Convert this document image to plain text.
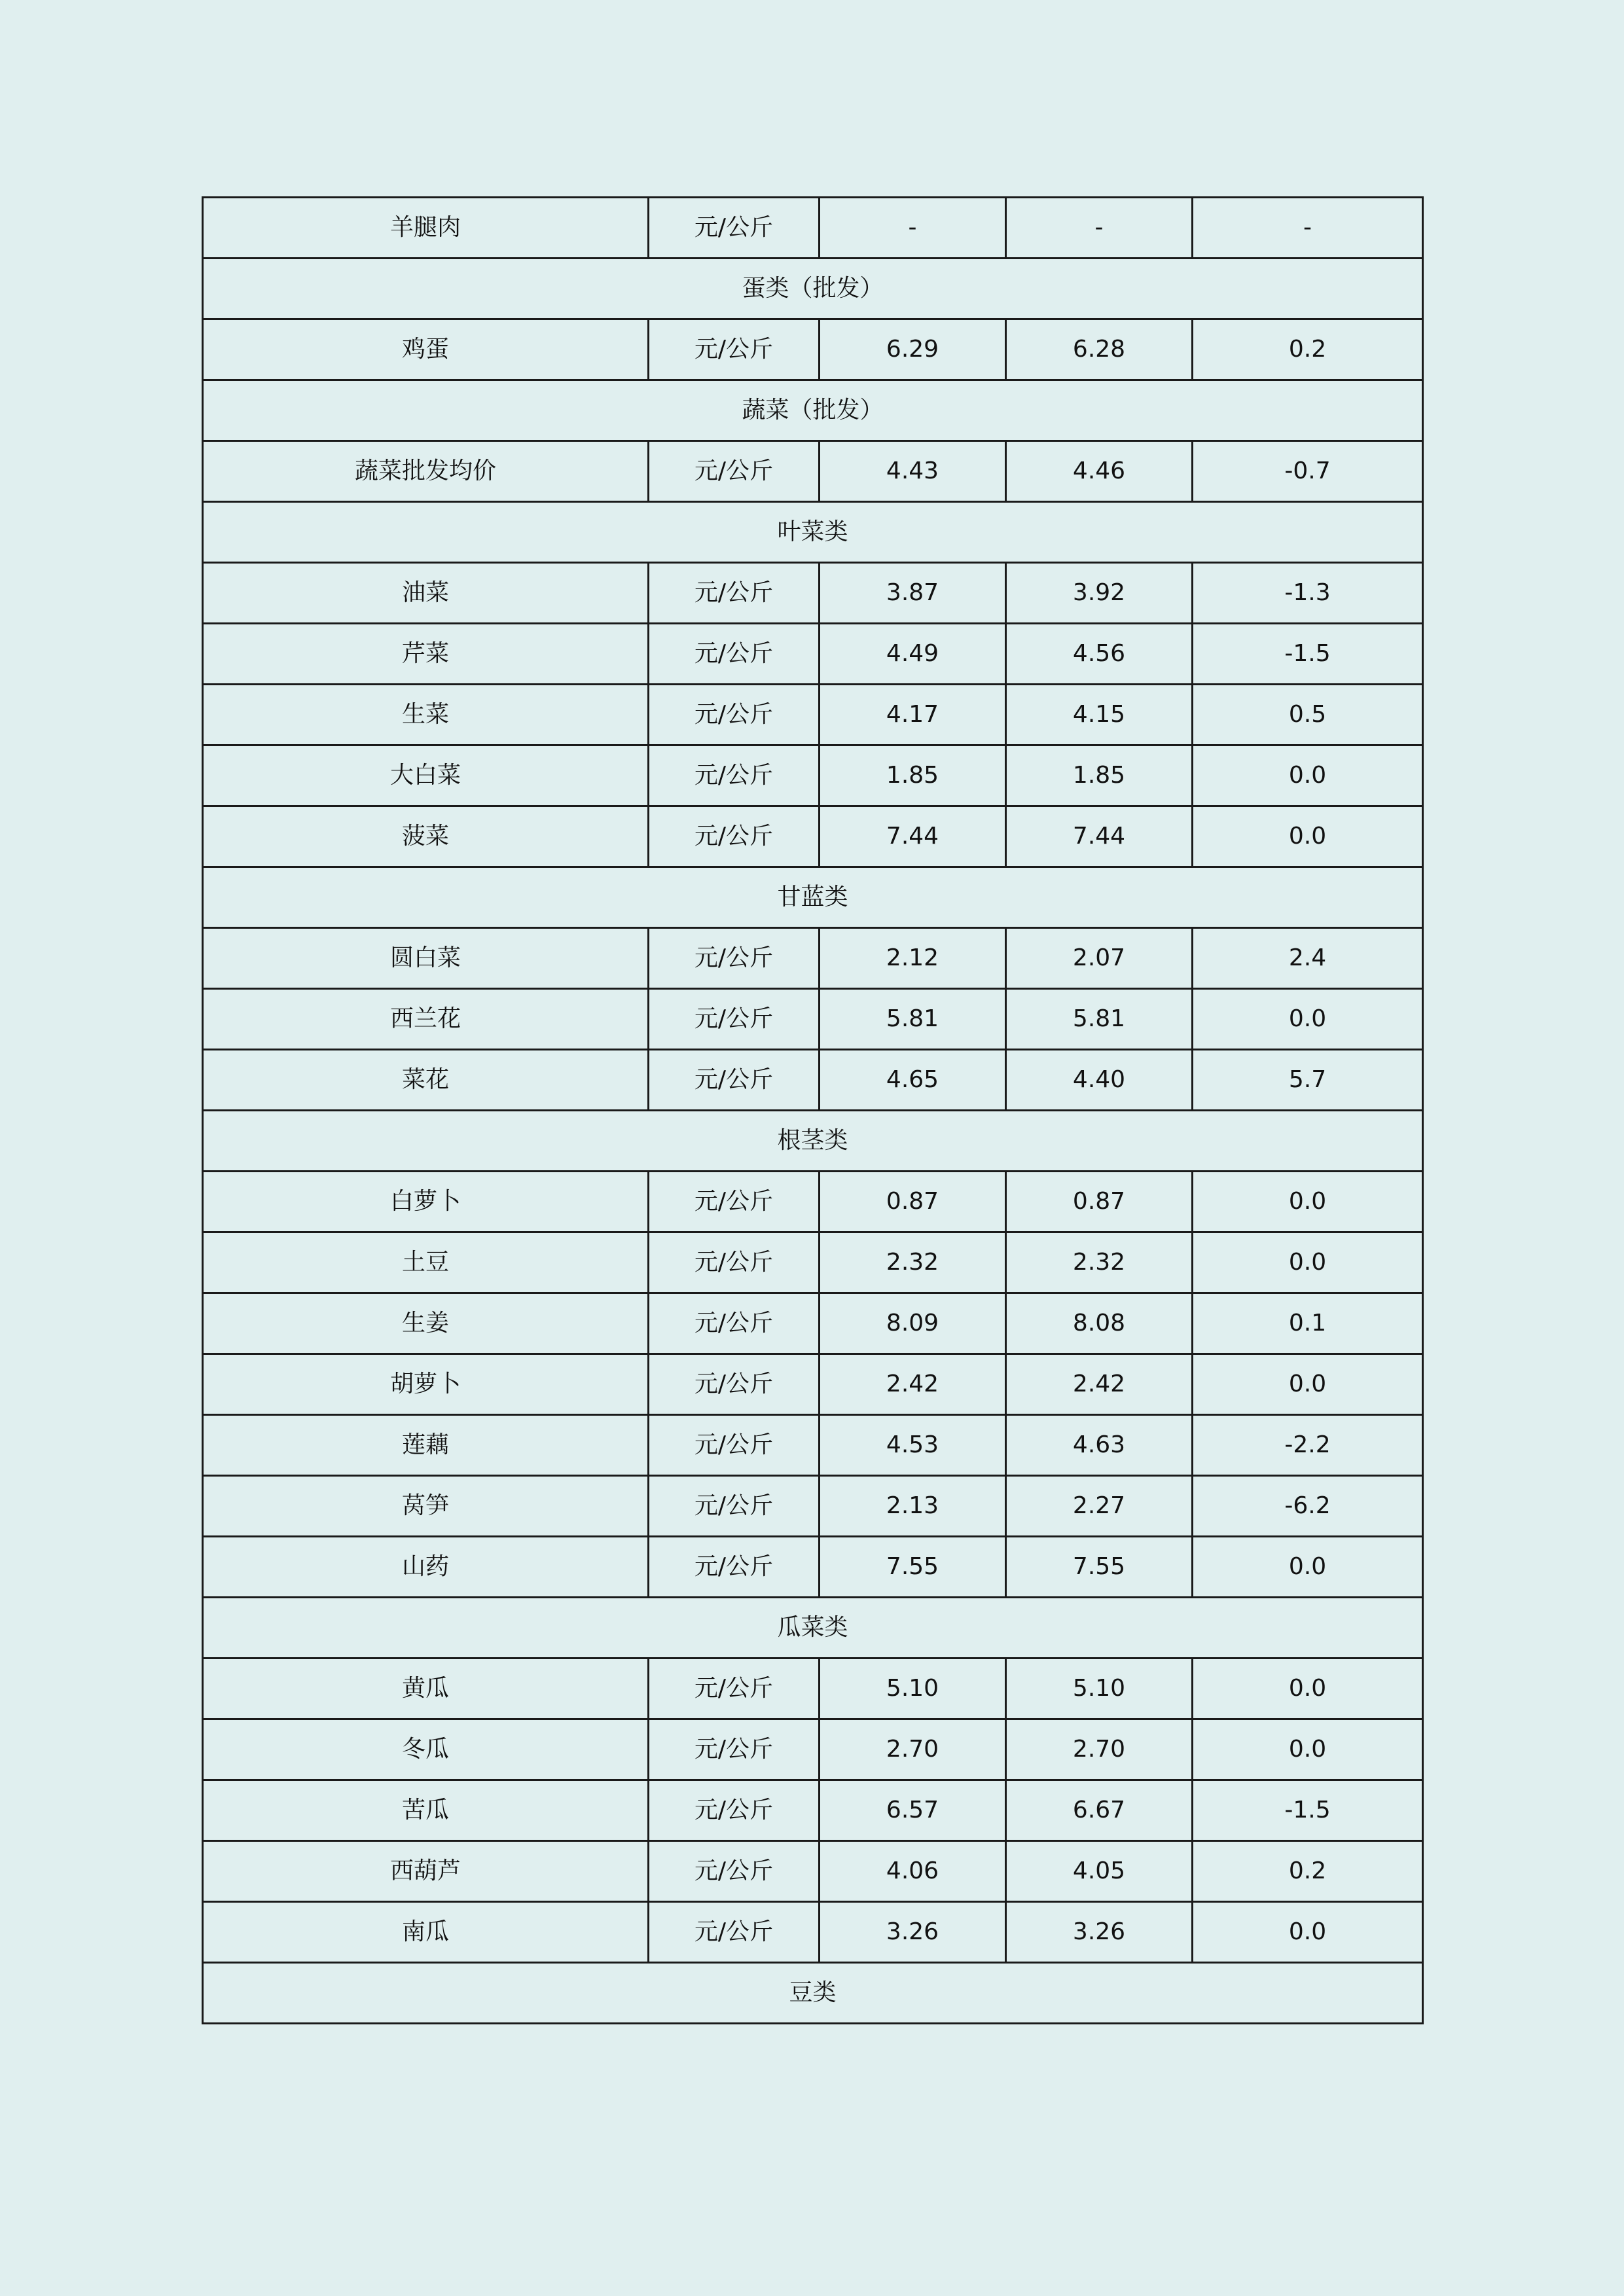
羊腿肉	元/公斤	-	-	-
蛋类（批发）				
鸡蛋	元/公斤	6.29	6.28	0.2
蔬菜（批发）				
蔬菜批发均价	元/公斤	4.43	4.46	-0.7
叶菜类				
油菜	元/公斤	3.87	3.92	-1.3
芹菜	元/公斤	4.49	4.56	-1.5
生菜	元/公斤	4.17	4.15	0.5
大白菜	元/公斤	1.85	1.85	0.0
菠菜	元/公斤	7.44	7.44	0.0
甘蓝类				
圆白菜	元/公斤	2.12	2.07	2.4
西兰花	元/公斤	5.81	5.81	0.0
菜花	元/公斤	4.65	4.40	5.7
根茎类				
白萝卜	元/公斤	0.87	0.87	0.0
土豆	元/公斤	2.32	2.32	0.0
生姜	元/公斤	8.09	8.08	0.1
胡萝卜	元/公斤	2.42	2.42	0.0
莲藕	元/公斤	4.53	4.63	-2.2
莴笋	元/公斤	2.13	2.27	-6.2
山药	元/公斤	7.55	7.55	0.0
瓜菜类				
黄瓜	元/公斤	5.10	5.10	0.0
冬瓜	元/公斤	2.70	2.70	0.0
苦瓜	元/公斤	6.57	6.67	-1.5
西葫芦	元/公斤	4.06	4.05	0.2
南瓜	元/公斤	3.26	3.26	0.0
豆类				
